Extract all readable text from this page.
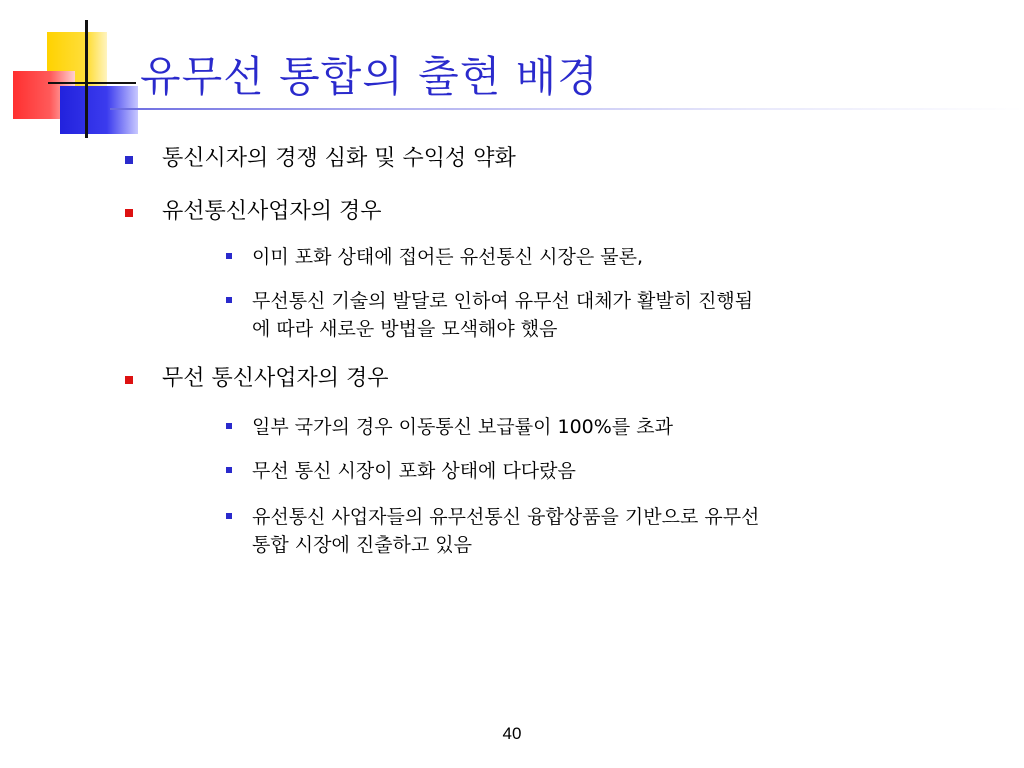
유무선 통합의 출현 배경
통신시자의 경쟁 심화 및 수익성 약화
유선통신사업자의 경우
이미 포화 상태에 접어든 유선통신 시장은 물론,
무선통신 기술의 발달로 인하여 유무선 대체가 활발히 진행됨
에 따라 새로운 방법을 모색해야 했음
무선 통신사업자의 경우
일부 국가의 경우 이동통신 보급률이 100%를 초과
무선 통신 시장이 포화 상태에 다다랐음
유선통신 사업자들의 유무선통신 융합상품을 기반으로 유무선
통합 시장에 진출하고 있음
40
